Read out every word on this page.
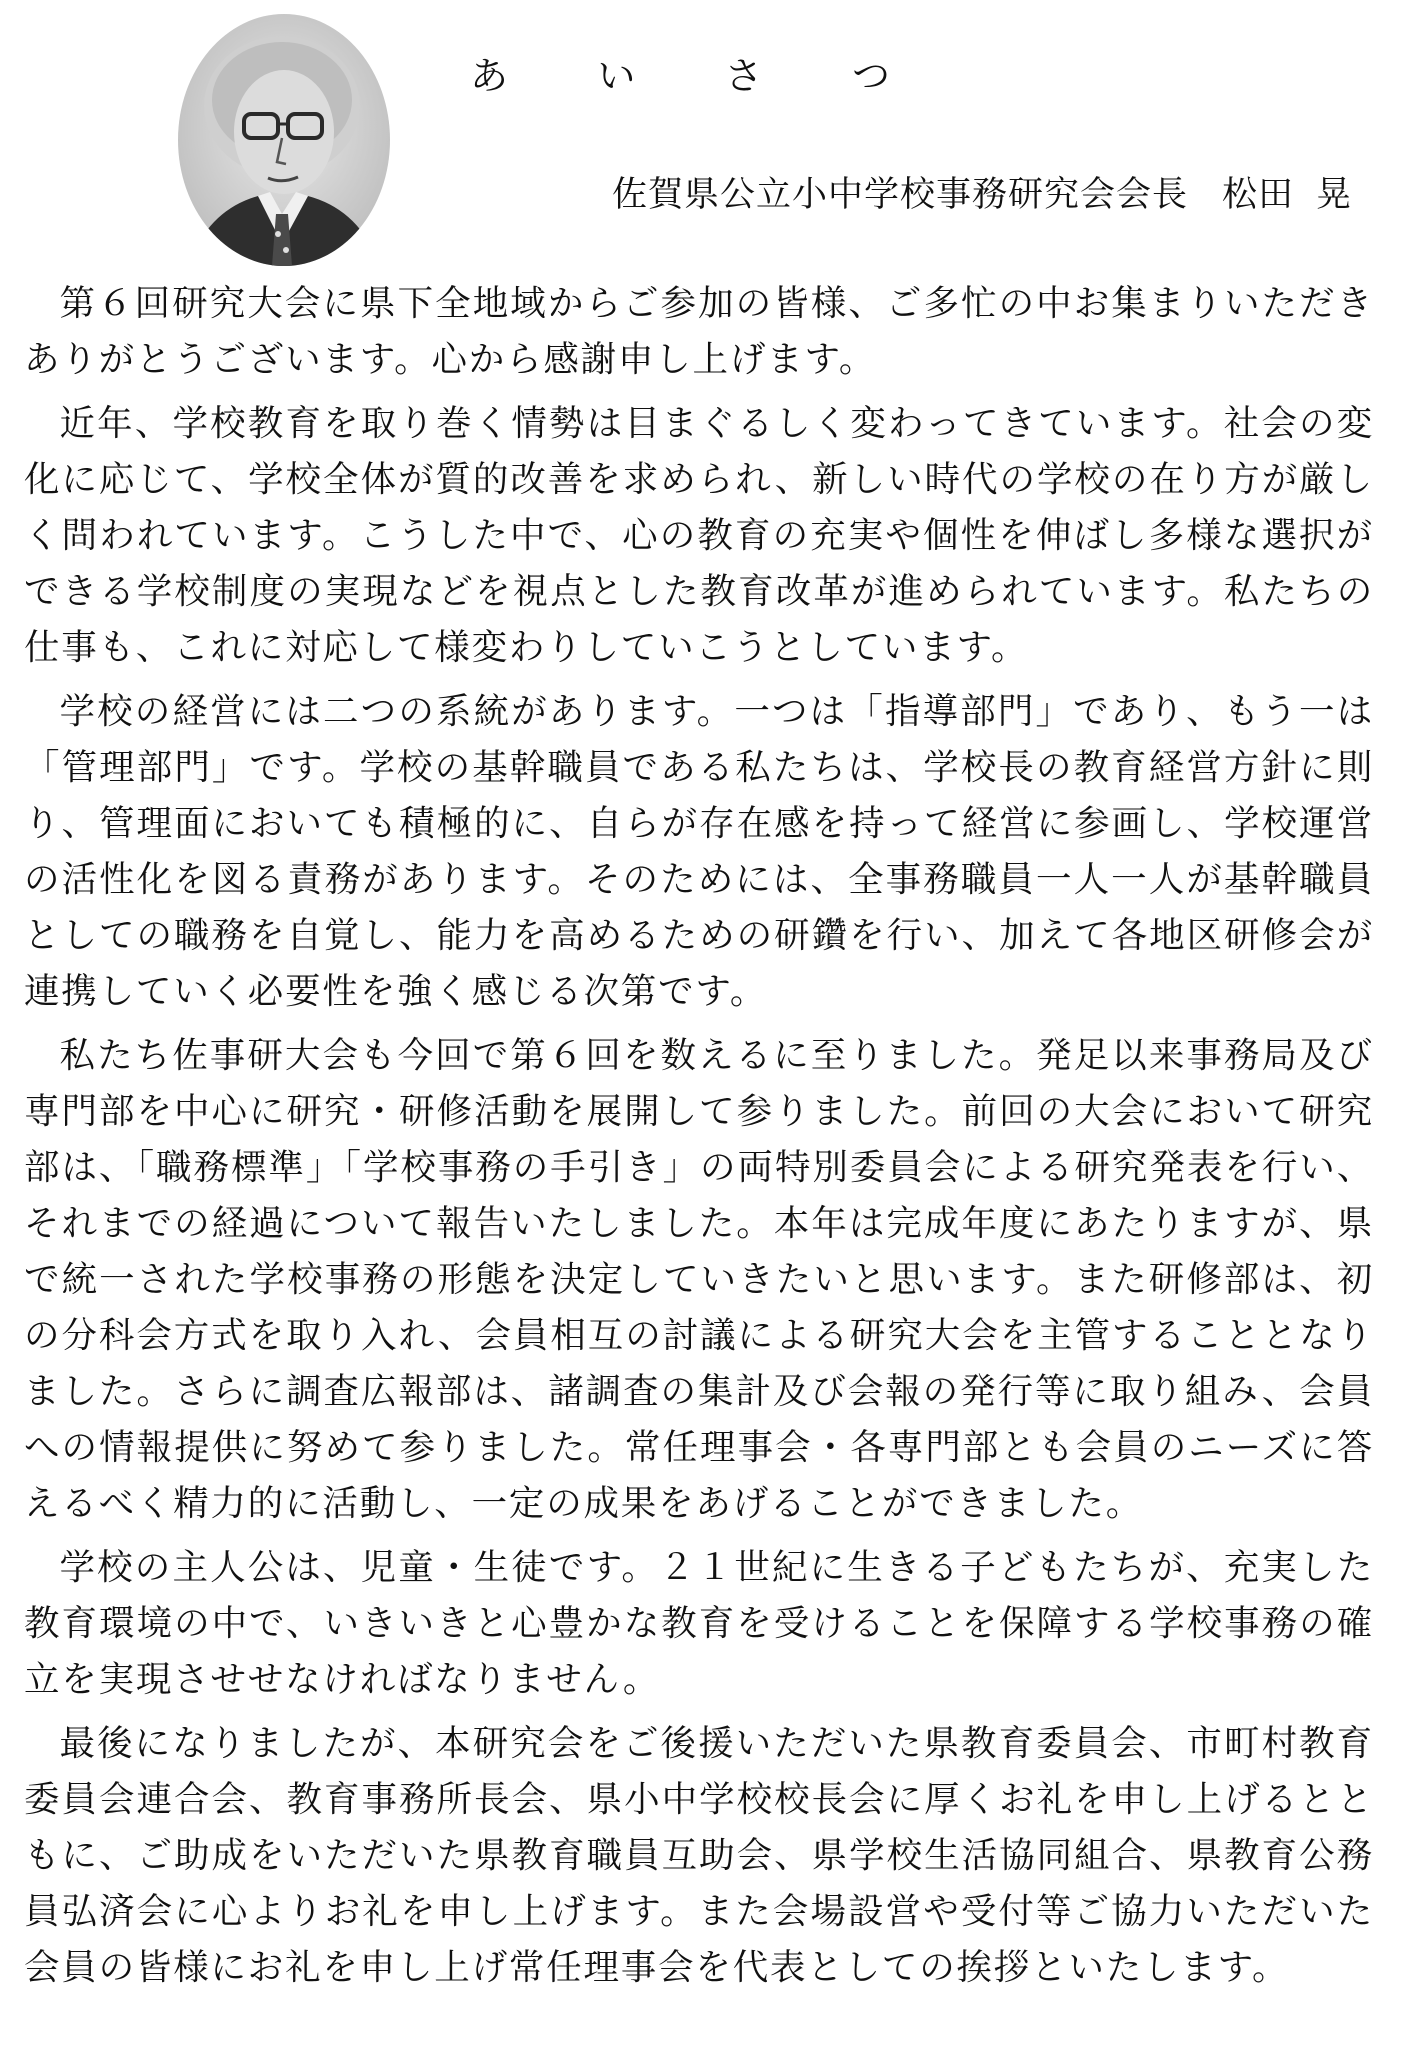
あ い さ つ
佐賀県公立小中学校事務研究会会長 松田 晃

第６回研究大会に県下全地域からご参加の皆様、ご多忙の中お集まりいただきありがとうございます。心から感謝申し上げます。

近年、学校教育を取り巻く情勢は目まぐるしく変わってきています。社会の変化に応じて、学校全体が質的改善を求められ、新しい時代の学校の在り方が厳しく問われています。こうした中で、心の教育の充実や個性を伸ばし多様な選択ができる学校制度の実現などを視点とした教育改革が進められています。私たちの仕事も、これに対応して様変わりしていこうとしています。

学校の経営には二つの系統があります。一つは「指導部門」であり、もう一は「管理部門」です。学校の基幹職員である私たちは、学校長の教育経営方針に則り、管理面においても積極的に、自らが存在感を持って経営に参画し、学校運営の活性化を図る責務があります。そのためには、全事務職員一人一人が基幹職員としての職務を自覚し、能力を高めるための研鑽を行い、加えて各地区研修会が連携していく必要性を強く感じる次第です。

私たち佐事研大会も今回で第６回を数えるに至りました。発足以来事務局及び専門部を中心に研究・研修活動を展開して参りました。前回の大会において研究部は、「職務標準」「学校事務の手引き」の両特別委員会による研究発表を行い、それまでの経過について報告いたしました。本年は完成年度にあたりますが、県で統一された学校事務の形態を決定していきたいと思います。また研修部は、初の分科会方式を取り入れ、会員相互の討議による研究大会を主管することとなりました。さらに調査広報部は、諸調査の集計及び会報の発行等に取り組み、会員への情報提供に努めて参りました。常任理事会・各専門部とも会員のニーズに答えるべく精力的に活動し、一定の成果をあげることができました。

学校の主人公は、児童・生徒です。２１世紀に生きる子どもたちが、充実した教育環境の中で、いきいきと心豊かな教育を受けることを保障する学校事務の確立を実現させせなければなりません。

最後になりましたが、本研究会をご後援いただいた県教育委員会、市町村教育委員会連合会、教育事務所長会、県小中学校校長会に厚くお礼を申し上げるとともに、ご助成をいただいた県教育職員互助会、県学校生活協同組合、県教育公務員弘済会に心よりお礼を申し上げます。また会場設営や受付等ご協力いただいた会員の皆様にお礼を申し上げ常任理事会を代表としての挨拶といたします。
